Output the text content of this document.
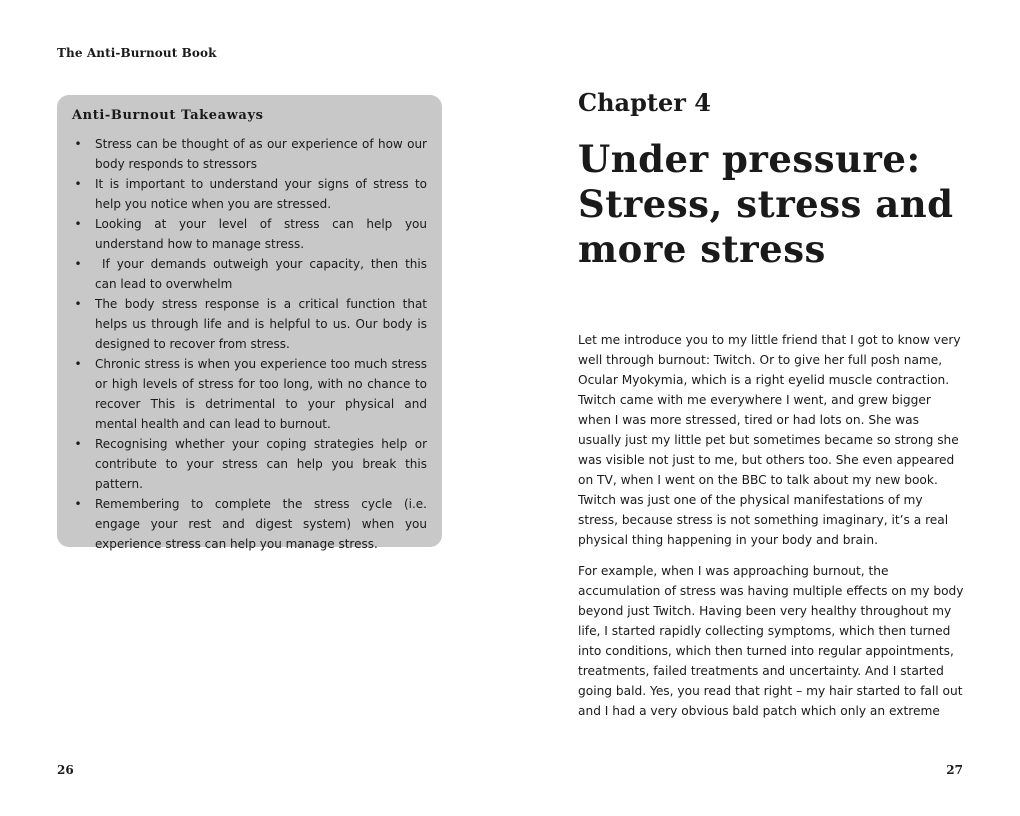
The Anti-Burnout Book
Anti-Burnout Takeaways
• Stress can be thought of as our experience of how our body responds to stressors
• It is important to understand your signs of stress to help you notice when you are stressed.
• Looking at your level of stress can help you understand how to manage stress.
• If your demands outweigh your capacity, then this can lead to overwhelm
• The body stress response is a critical function that helps us through life and is helpful to us. Our body is designed to recover from stress.
• Chronic stress is when you experience too much stress or high levels of stress for too long, with no chance to recover This is detrimental to your physical and mental health and can lead to burnout.
• Recognising whether your coping strategies help or contribute to your stress can help you break this pattern.
• Remembering to complete the stress cycle (i.e. engage your rest and digest system) when you experience stress can help you manage stress.
26
Chapter 4
Under pressure: Stress, stress and more stress

Let me introduce you to my little friend that I got to know very well through burnout: Twitch. Or to give her full posh name, Ocular Myokymia, which is a right eyelid muscle contraction. Twitch came with me everywhere I went, and grew bigger when I was more stressed, tired or had lots on. She was usually just my little pet but sometimes became so strong she was visible not just to me, but others too. She even appeared on TV, when I went on the BBC to talk about my new book. Twitch was just one of the physical manifestations of my stress, because stress is not something imaginary, it’s a real physical thing happening in your body and brain.

For example, when I was approaching burnout, the accumulation of stress was having multiple effects on my body beyond just Twitch. Having been very healthy throughout my life, I started rapidly collecting symptoms, which then turned into conditions, which then turned into regular appointments, treatments, failed treatments and uncertainty. And I started going bald. Yes, you read that right – my hair started to fall out and I had a very obvious bald patch which only an extreme

27
